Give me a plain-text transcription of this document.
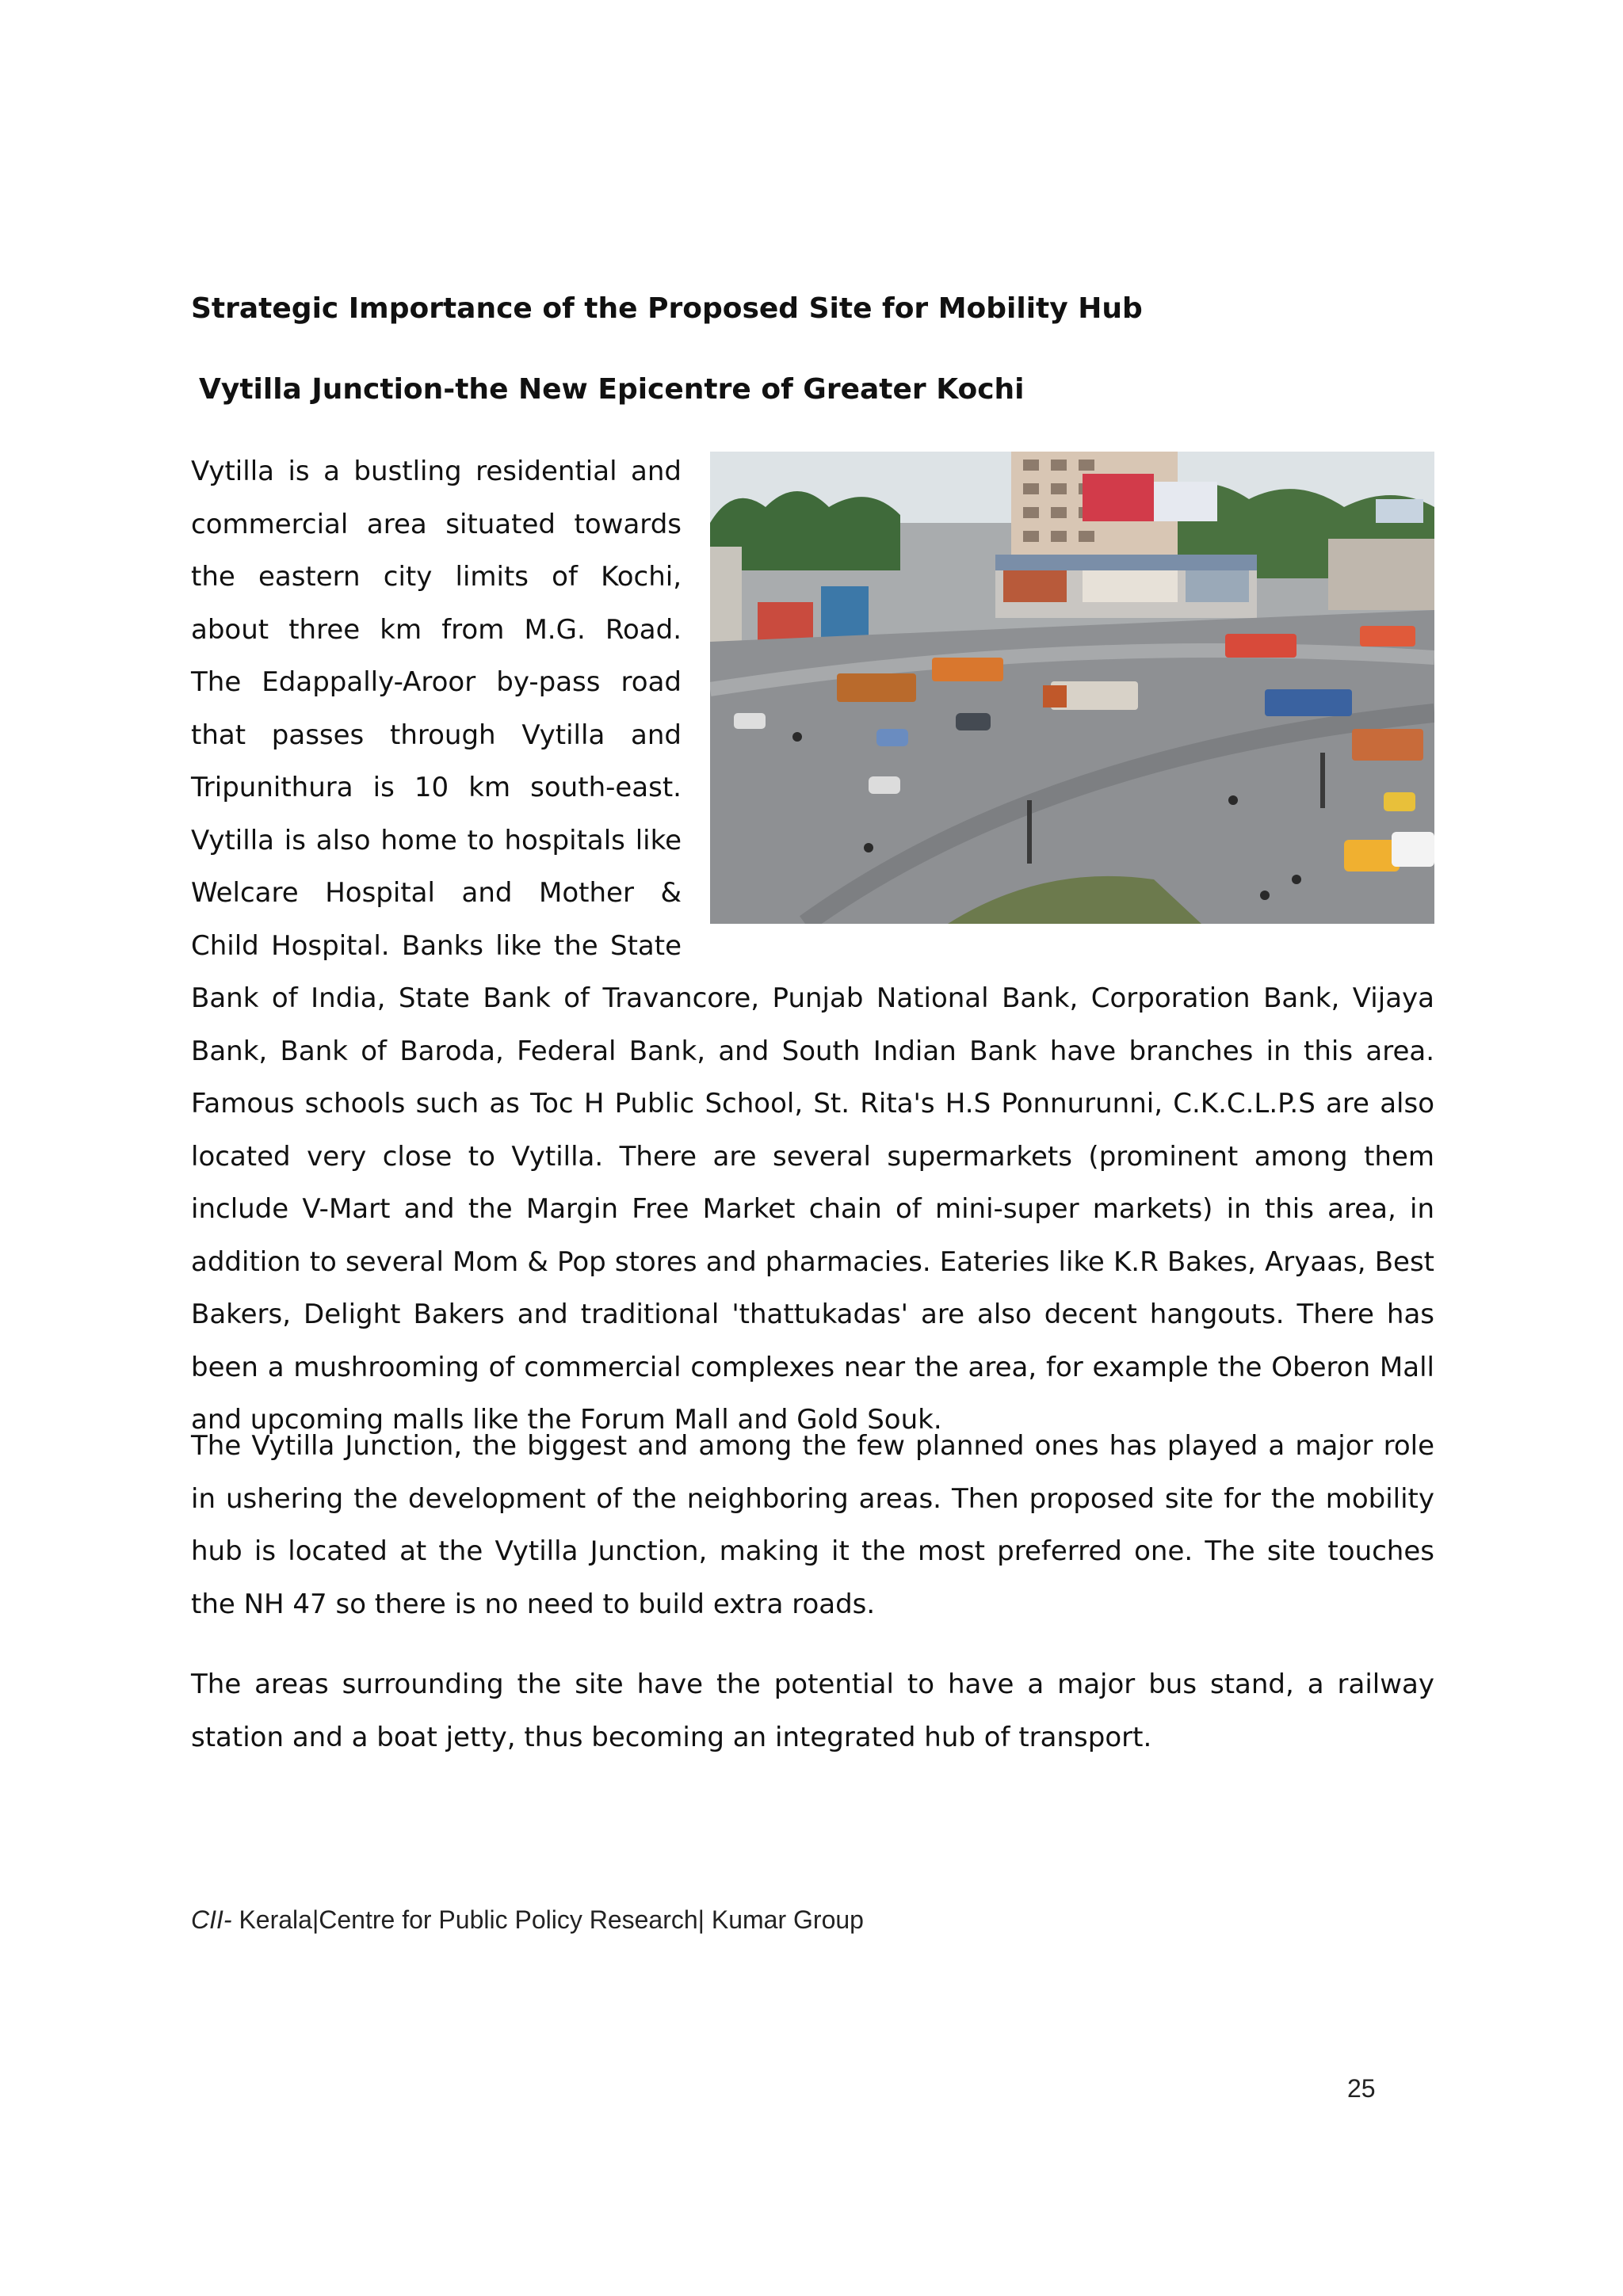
Strategic Importance of the Proposed Site for Mobility Hub
Vytilla Junction-the New Epicentre of Greater Kochi

Vytilla is a bustling residential and commercial area situated towards the eastern city limits of Kochi, about three km from M.G. Road. The Edappally-Aroor by-pass road that passes through Vytilla and Tripunithura is 10 km south-east. Vytilla is also home to hospitals like Welcare Hospital and Mother & Child Hospital. Banks like the State Bank of India, State Bank of Travancore, Punjab National Bank, Corporation Bank, Vijaya Bank, Bank of Baroda, Federal Bank, and South Indian Bank have branches in this area. Famous schools such as Toc H Public School, St. Rita's H.S Ponnurunni, C.K.C.L.P.S are also located very close to Vytilla. There are several supermarkets (prominent among them include V-Mart and the Margin Free Market chain of mini-super markets) in this area, in addition to several Mom & Pop stores and pharmacies. Eateries like K.R Bakes, Aryaas, Best Bakers, Delight Bakers and traditional 'thattukadas' are also decent hangouts. There has been a mushrooming of commercial complexes near the area, for example the Oberon Mall and upcoming malls like the Forum Mall and Gold Souk.

The Vytilla Junction, the biggest and among the few planned ones has played a major role in ushering the development of the neighboring areas. Then proposed site for the mobility hub is located at the Vytilla Junction, making it the most preferred one. The site touches the NH 47 so there is no need to build extra roads.

The areas surrounding the site have the potential to have a major bus stand, a railway station and a boat jetty, thus becoming an integrated hub of transport.

CII- Kerala|Centre for Public Policy Research| Kumar Group
25
